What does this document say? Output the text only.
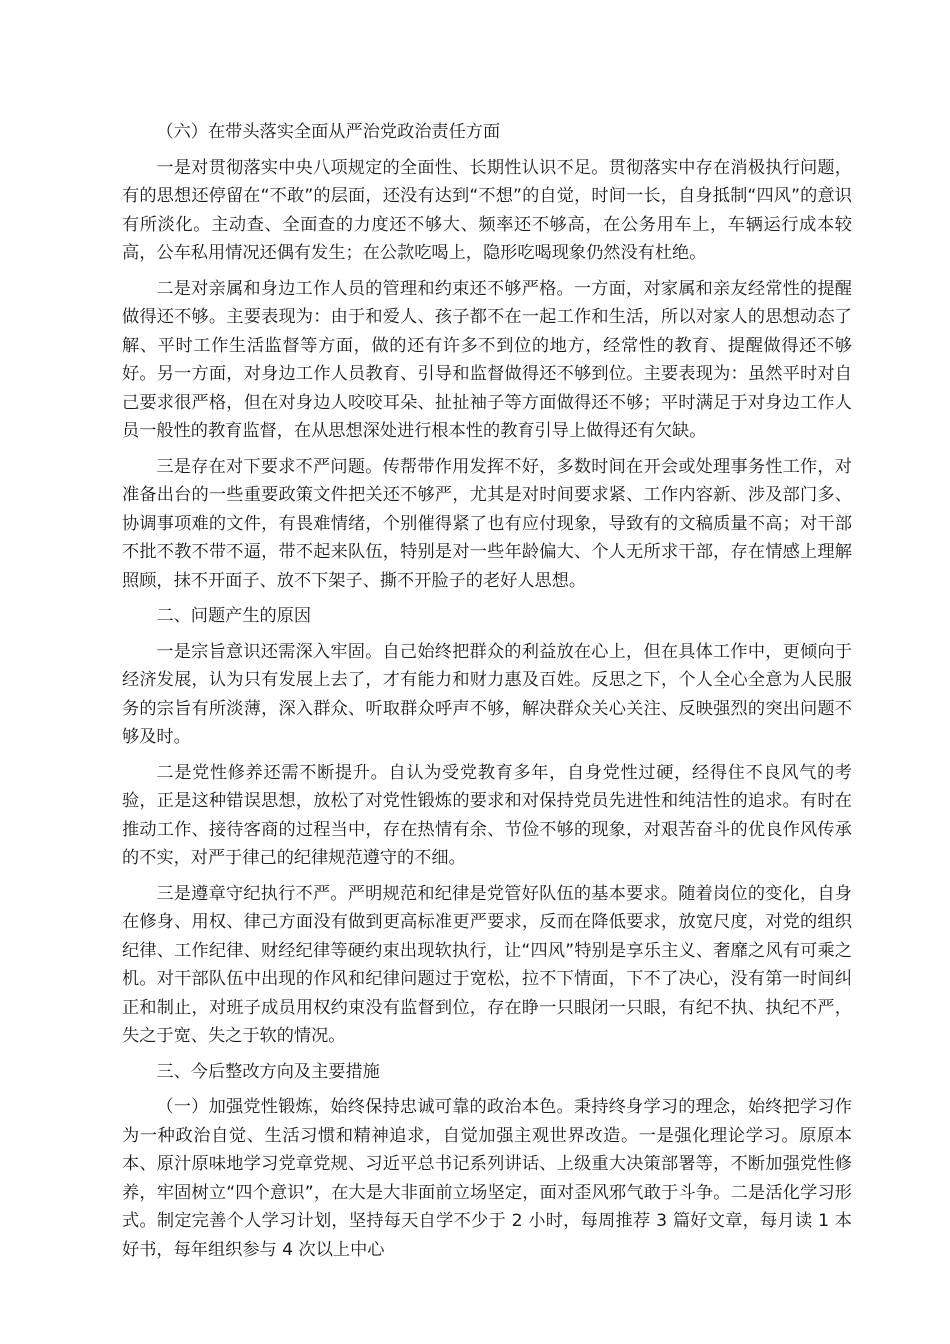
（六）在带头落实全面从严治党政治责任方面

一是对贯彻落实中央八项规定的全面性、长期性认识不足。贯彻落实中存在消极执行问题，有的思想还停留在“不敢”的层面，还没有达到“不想”的自觉，时间一长，自身抵制“四风”的意识有所淡化。主动查、全面查的力度还不够大、频率还不够高，在公务用车上，车辆运行成本较高，公车私用情况还偶有发生；在公款吃喝上，隐形吃喝现象仍然没有杜绝。

二是对亲属和身边工作人员的管理和约束还不够严格。一方面，对家属和亲友经常性的提醒做得还不够。主要表现为：由于和爱人、孩子都不在一起工作和生活，所以对家人的思想动态了解、平时工作生活监督等方面，做的还有许多不到位的地方，经常性的教育、提醒做得还不够好。另一方面，对身边工作人员教育、引导和监督做得还不够到位。主要表现为：虽然平时对自己要求很严格，但在对身边人咬咬耳朵、扯扯袖子等方面做得还不够；平时满足于对身边工作人员一般性的教育监督，在从思想深处进行根本性的教育引导上做得还有欠缺。

三是存在对下要求不严问题。传帮带作用发挥不好，多数时间在开会或处理事务性工作，对准备出台的一些重要政策文件把关还不够严，尤其是对时间要求紧、工作内容新、涉及部门多、协调事项难的文件，有畏难情绪，个别催得紧了也有应付现象，导致有的文稿质量不高；对干部不批不教不带不逼，带不起来队伍，特别是对一些年龄偏大、个人无所求干部，存在情感上理解照顾，抹不开面子、放不下架子、撕不开脸子的老好人思想。

二、问题产生的原因

一是宗旨意识还需深入牢固。自己始终把群众的利益放在心上，但在具体工作中，更倾向于经济发展，认为只有发展上去了，才有能力和财力惠及百姓。反思之下，个人全心全意为人民服务的宗旨有所淡薄，深入群众、听取群众呼声不够，解决群众关心关注、反映强烈的突出问题不够及时。

二是党性修养还需不断提升。自认为受党教育多年，自身党性过硬，经得住不良风气的考验，正是这种错误思想，放松了对党性锻炼的要求和对保持党员先进性和纯洁性的追求。有时在推动工作、接待客商的过程当中，存在热情有余、节俭不够的现象，对艰苦奋斗的优良作风传承的不实，对严于律己的纪律规范遵守的不细。

三是遵章守纪执行不严。严明规范和纪律是党管好队伍的基本要求。随着岗位的变化，自身在修身、用权、律己方面没有做到更高标准更严要求，反而在降低要求，放宽尺度，对党的组织纪律、工作纪律、财经纪律等硬约束出现软执行，让“四风”特别是享乐主义、奢靡之风有可乘之机。对干部队伍中出现的作风和纪律问题过于宽松，拉不下情面，下不了决心，没有第一时间纠正和制止，对班子成员用权约束没有监督到位，存在睁一只眼闭一只眼，有纪不执、执纪不严，失之于宽、失之于软的情况。

三、今后整改方向及主要措施

（一）加强党性锻炼，始终保持忠诚可靠的政治本色。秉持终身学习的理念，始终把学习作为一种政治自觉、生活习惯和精神追求，自觉加强主观世界改造。一是强化理论学习。原原本本、原汁原味地学习党章党规、习近平总书记系列讲话、上级重大决策部署等，不断加强党性修养，牢固树立“四个意识”，在大是大非面前立场坚定，面对歪风邪气敢于斗争。二是活化学习形式。制定完善个人学习计划，坚持每天自学不少于 2 小时，每周推荐 3 篇好文章，每月读 1 本好书，每年组织参与 4 次以上中心
